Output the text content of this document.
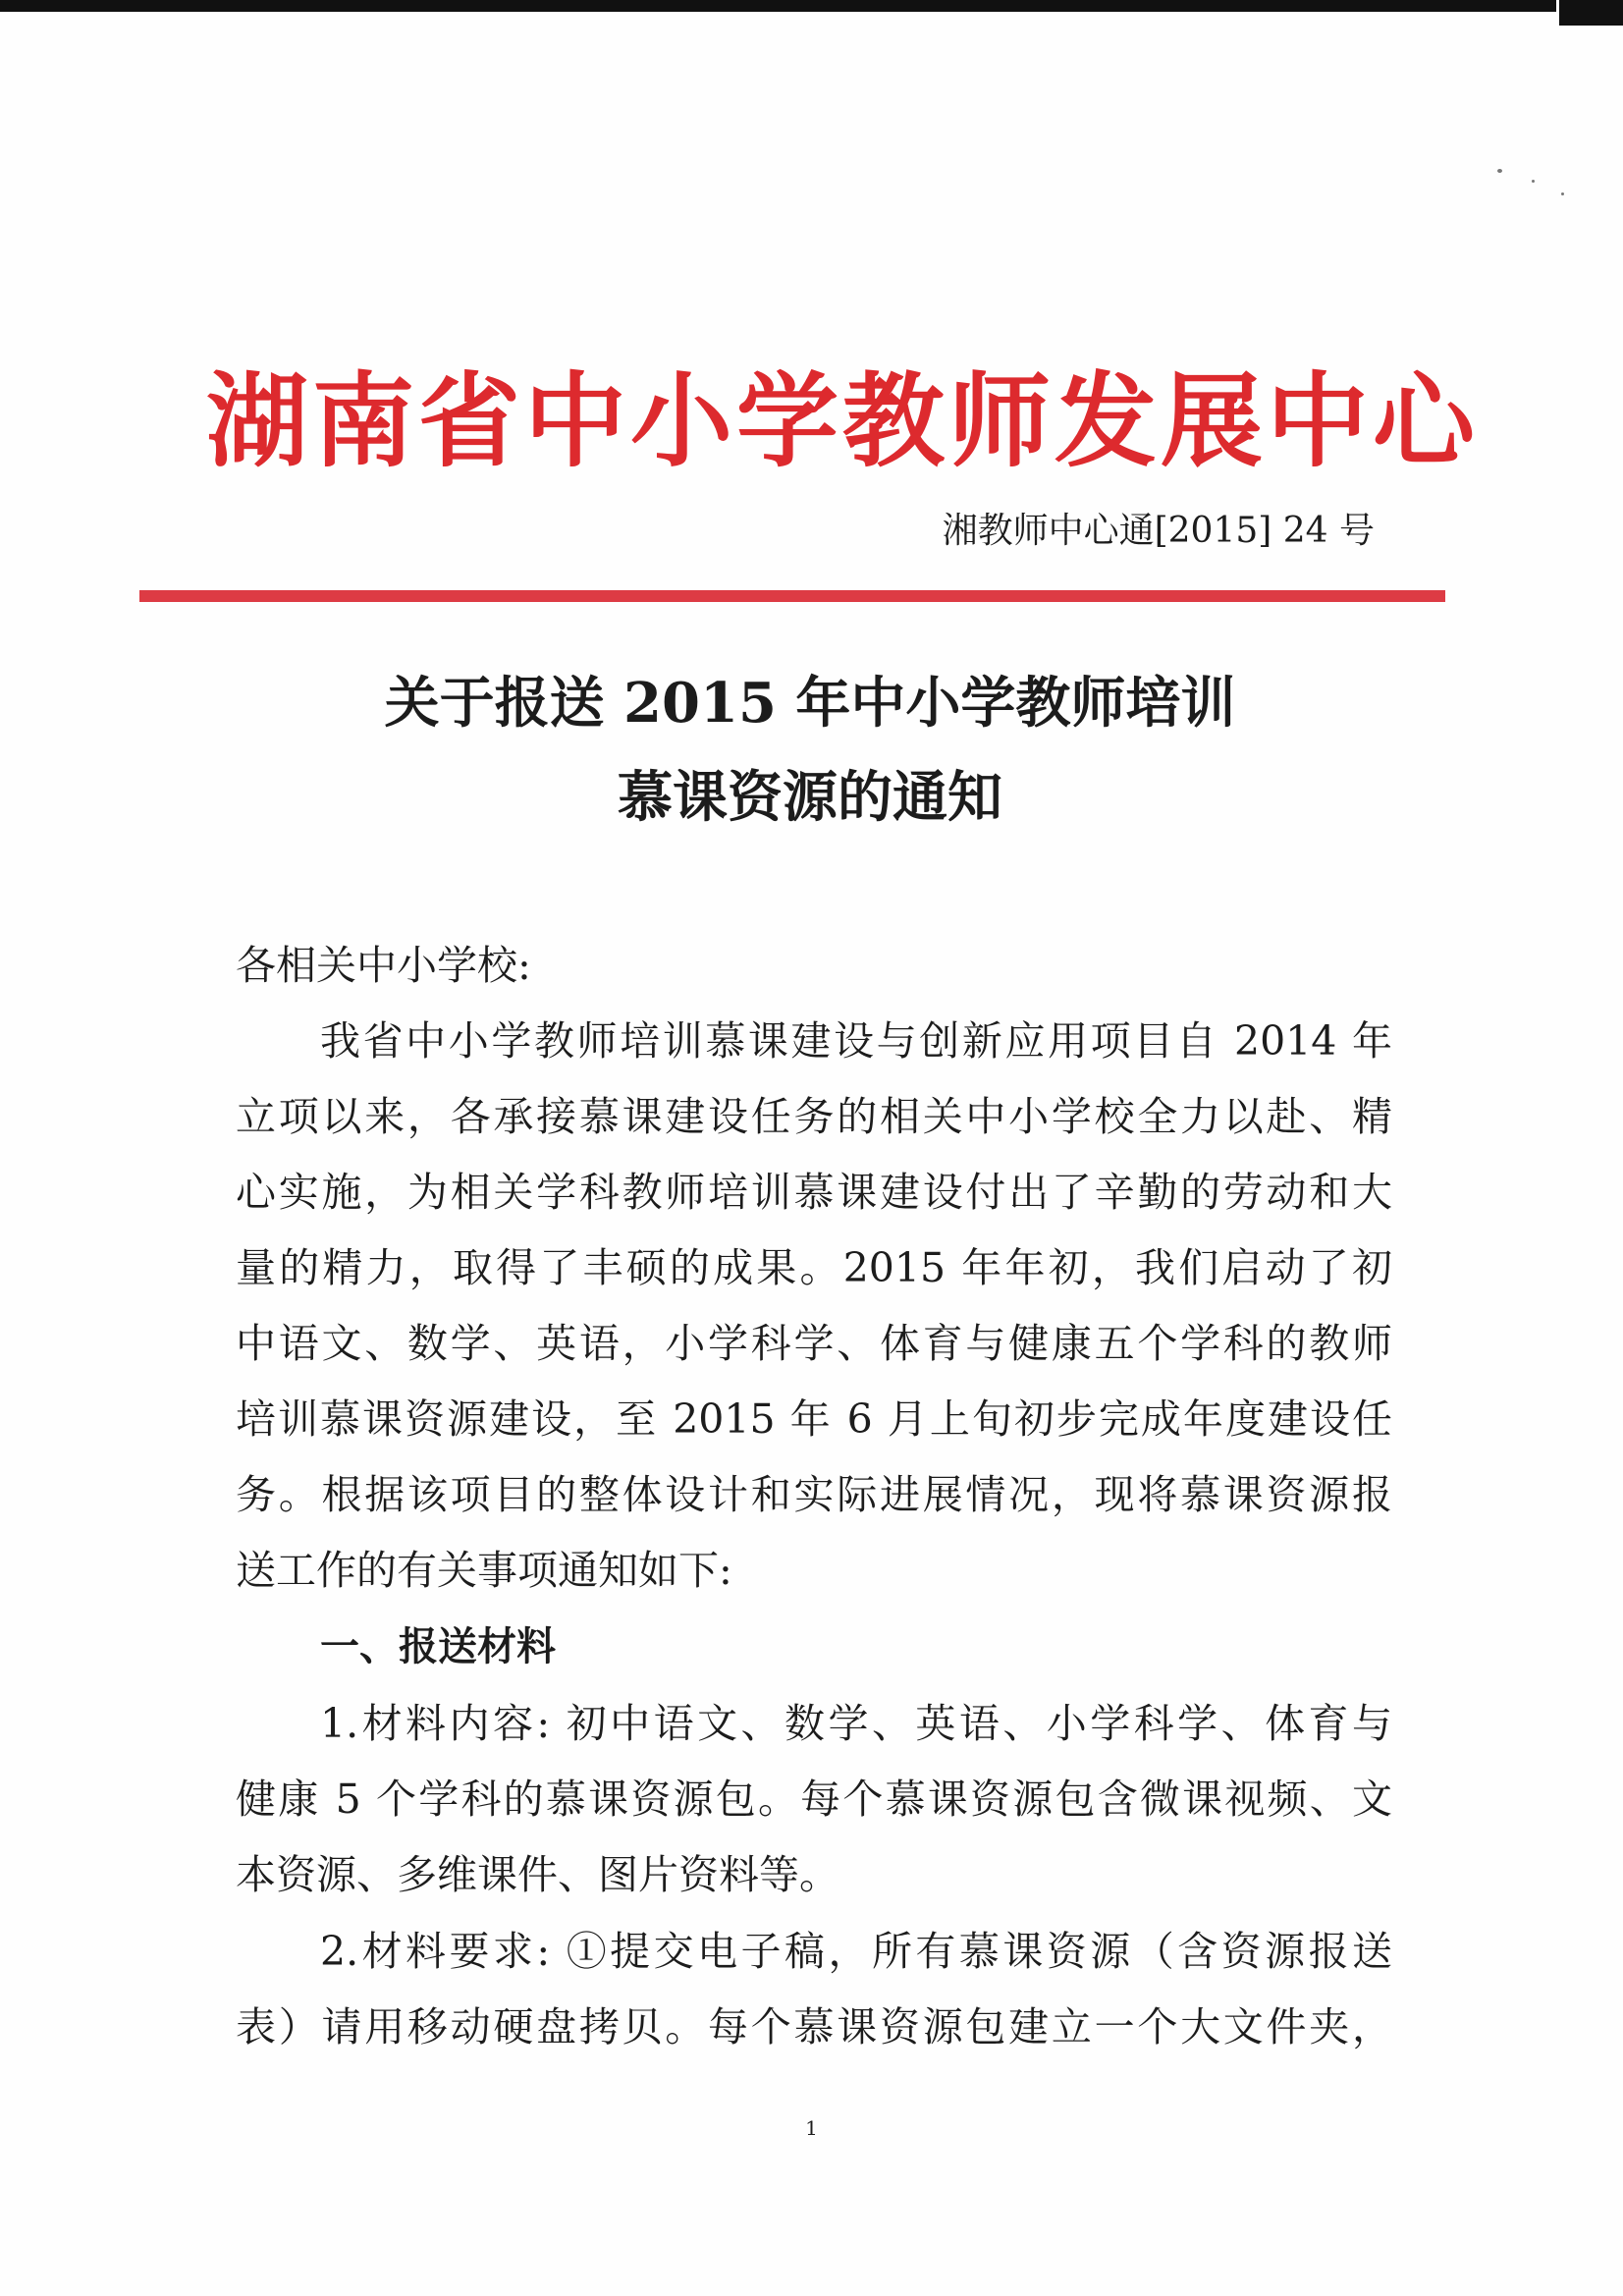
湖南省中小学教师发展中心
湘教师中心通[2015] 24 号
关于报送 2015 年中小学教师培训
慕课资源的通知
各相关中小学校:
我省中小学教师培训慕课建设与创新应用项目自 2014 年
立项以来，各承接慕课建设任务的相关中小学校全力以赴、精
心实施，为相关学科教师培训慕课建设付出了辛勤的劳动和大
量的精力，取得了丰硕的成果。2015 年年初，我们启动了初
中语文、数学、英语，小学科学、体育与健康五个学科的教师
培训慕课资源建设，至 2015 年 6 月上旬初步完成年度建设任
务。根据该项目的整体设计和实际进展情况，现将慕课资源报
送工作的有关事项通知如下:
一、报送材料
1.材料内容: 初中语文、数学、英语、小学科学、体育与
健康 5 个学科的慕课资源包。每个慕课资源包含微课视频、文
本资源、多维课件、图片资料等。
2.材料要求: ①提交电子稿，所有慕课资源（含资源报送
表）请用移动硬盘拷贝。每个慕课资源包建立一个大文件夹，
1
